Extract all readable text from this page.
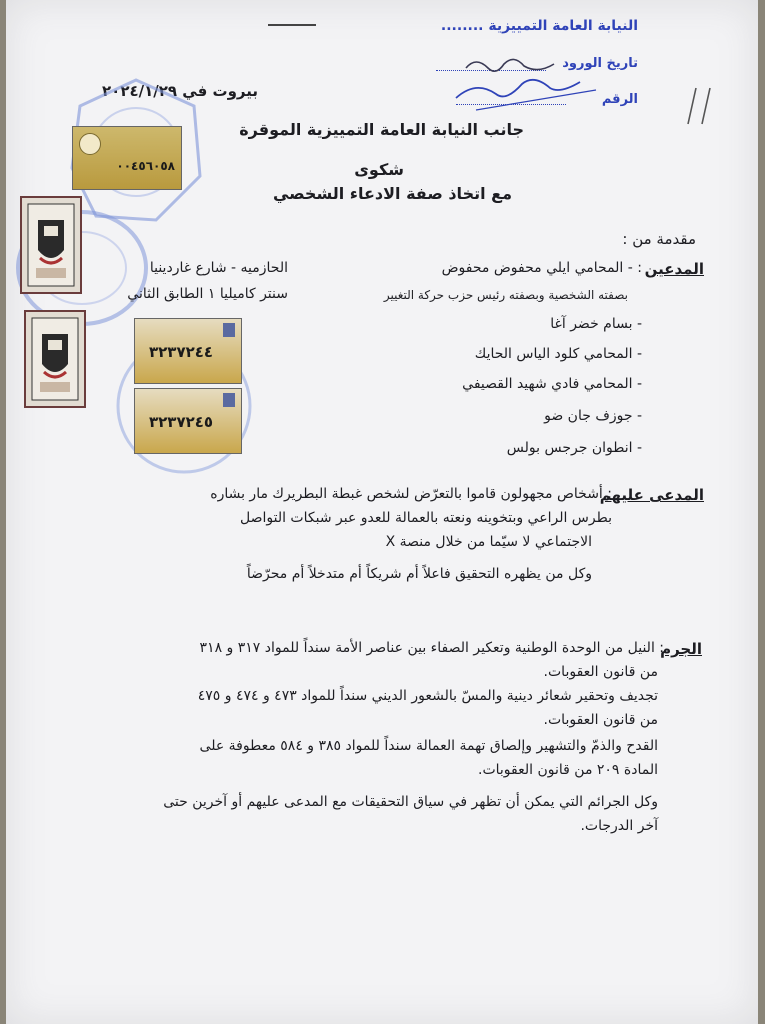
النيابة العامة التمييزية ........
تاريخ الورود
الرقم
بيروت في ٢٠٢٤/١/٢٩
٠٠٤٥٦٠٥٨
٣٢٣٧٢٤٤
٣٢٣٧٢٤٥
جانب النيابة العامة التمييزية الموقرة
شكوى
مع اتخاذ صفة الادعاء الشخصي
مقدمة من :
المدعين
: - المحامي ايلي محفوض محفوض
بصفته الشخصية وبصفته رئيس حزب حركة التغيير
الحازميه - شارع غاردينيا
سنتر كاميليا ١ الطابق الثاني
- بسام خضر آغا
- المحامي كلود الياس الحايك
- المحامي فادي شهيد القصيفي
- جوزف جان ضو
- انطوان جرجس بولس
المدعى عليهم
: أشخاص مجهولون قاموا بالتعرّض لشخص غبطة البطريرك مار بشاره
بطرس الراعي وبتخوينه ونعته بالعمالة للعدو عبر شبكات التواصل
الاجتماعي لا سيّما من خلال منصة X
وكل من يظهره التحقيق فاعلاً أم شريكاً أم متدخلاً أم محرّضاً
الجرم
: النيل من الوحدة الوطنية وتعكير الصفاء بين عناصر الأمة سنداً للمواد ٣١٧ و ٣١٨
من قانون العقوبات.
تجديف وتحقير شعائر دينية والمسّ بالشعور الديني سنداً للمواد ٤٧٣ و ٤٧٤ و ٤٧٥
من قانون العقوبات.
القدح والذمّ والتشهير وإلصاق تهمة العمالة سنداً للمواد ٣٨٥ و ٥٨٤ معطوفة على
المادة ٢٠٩ من قانون العقوبات.
وكل الجرائم التي يمكن أن تظهر في سياق التحقيقات مع المدعى عليهم أو آخرين حتى
آخر الدرجات.
